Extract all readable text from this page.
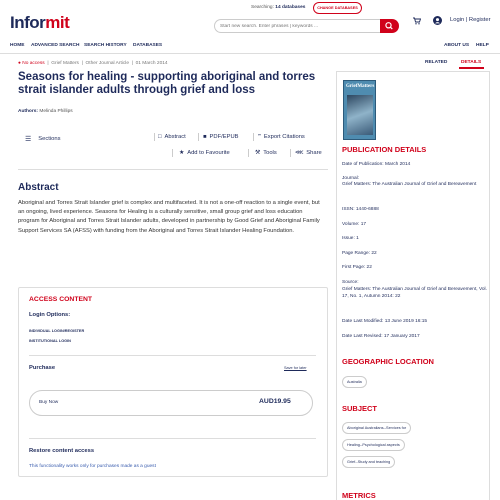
Informit
Searching: 14 databases	CHANGE DATABASES
Start new search. Enter phrases | keywords ...
Login | Register
HOME ADVANCED SEARCH SEARCH HISTORY DATABASES	ABOUT US HELP
● No access  |  Grief Matters  |  Other Journal Article  |  01 March 2014
Seasons for healing - supporting aboriginal and torres strait islander adults through grief and loss
Authors: Melinda Phillips
☰ Sections	□ Abstract	■ PDF/EPUB	” Export Citations
★ Add to Favourite	⚒ Tools	⋘ Share
Abstract
Aboriginal and Torres Strait Islander grief is complex and multifaceted. It is not a one-off reaction to a single event, but an ongoing, lived experience. Seasons for Healing is a culturally sensitive, small group grief and loss education program for Aboriginal and Torres Strait Islander adults, developed in partnership by Good Grief and Aboriginal Family Support Services SA (AFSS) with funding from the Aboriginal and Torres Strait Islander Healing Foundation.
ACCESS CONTENT
Login Options:
INDIVIDUAL LOGIN/REGISTER
INSTITUTIONAL LOGIN
Purchase	Save for later
Buy Now	AUD19.95
Restore content access
This functionality works only for purchases made as a guest
RELATED	DETAILS
GriefMatters
PUBLICATION DETAILS
Date of Publication: March 2014
Journal:
Grief Matters: The Australian Journal of Grief and Bereavement
ISSN: 1440-6888
Volume: 17
Issue: 1
Page Range: 22
First Page: 22
Source:
Grief Matters: The Australian Journal of Grief and Bereavement, Vol. 17, No. 1, Autumn 2014: 22
Date Last Modified: 13 June 2019 16:15
Date Last Revised: 17 January 2017
GEOGRAPHIC LOCATION
Australia
SUBJECT
Aboriginal Australians--Services for
Healing--Psychological aspects
Grief--Study and teaching
METRICS
